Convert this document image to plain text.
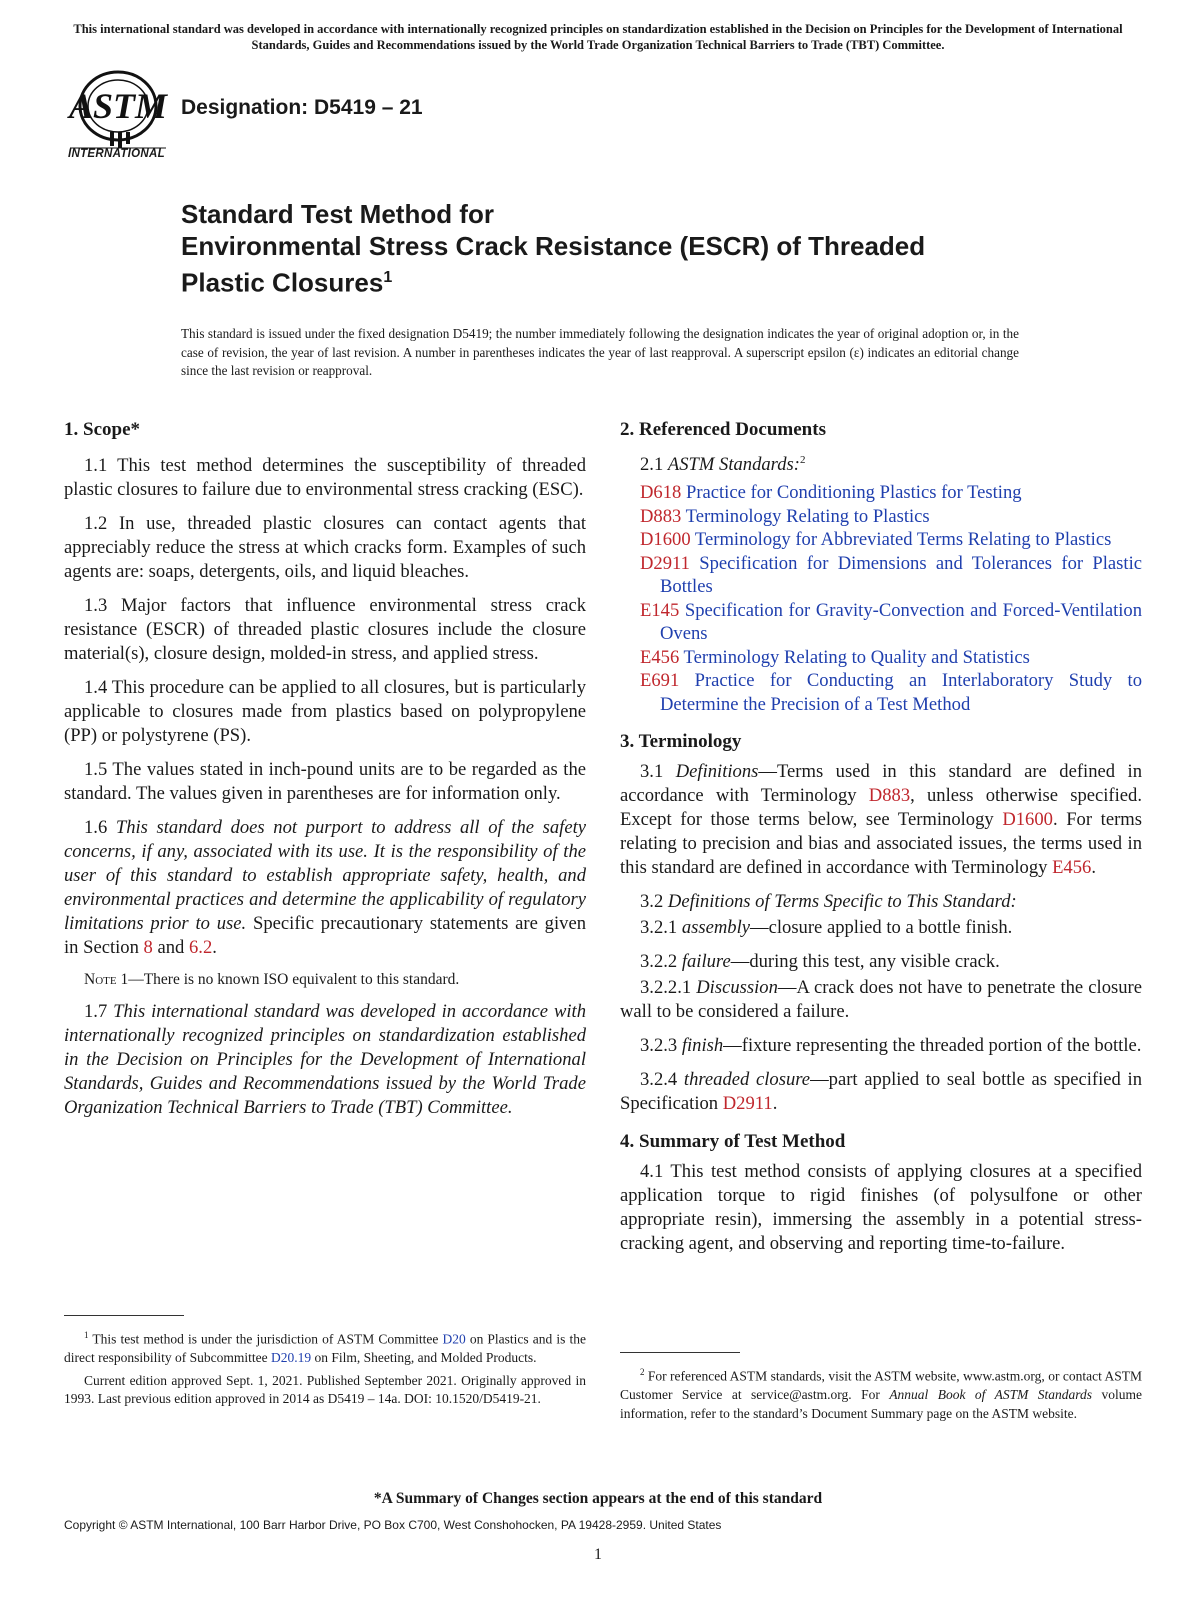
This international standard was developed in accordance with internationally recognized principles on standardization established in the Decision on Principles for the Development of International Standards, Guides and Recommendations issued by the World Trade Organization Technical Barriers to Trade (TBT) Committee.
ASTM
INTERNATIONAL
Designation: D5419 – 21
Standard Test Method for
Environmental Stress Crack Resistance (ESCR) of Threaded
Plastic Closures$^1$
This standard is issued under the fixed designation D5419; the number immediately following the designation indicates the year of original adoption or, in the case of revision, the year of last revision. A number in parentheses indicates the year of last reapproval. A superscript epsilon (ε) indicates an editorial change since the last revision or reapproval.
1. Scope*

1.1 This test method determines the susceptibility of threaded plastic closures to failure due to environmental stress cracking (ESC).

1.2 In use, threaded plastic closures can contact agents that appreciably reduce the stress at which cracks form. Examples of such agents are: soaps, detergents, oils, and liquid bleaches.

1.3 Major factors that influence environmental stress crack resistance (ESCR) of threaded plastic closures include the closure material(s), closure design, molded-in stress, and applied stress.

1.4 This procedure can be applied to all closures, but is particularly applicable to closures made from plastics based on polypropylene (PP) or polystyrene (PS).

1.5 The values stated in inch-pound units are to be regarded as the standard. The values given in parentheses are for information only.

1.6 This standard does not purport to address all of the safety concerns, if any, associated with its use. It is the responsibility of the user of this standard to establish appropriate safety, health, and environmental practices and determine the applicability of regulatory limitations prior to use. Specific precautionary statements are given in Section 8 and 6.2.

Note 1—There is no known ISO equivalent to this standard.

1.7 This international standard was developed in accordance with internationally recognized principles on standardization established in the Decision on Principles for the Development of International Standards, Guides and Recommendations issued by the World Trade Organization Technical Barriers to Trade (TBT) Committee.

2. Referenced Documents
2.1 ASTM Standards:$^2$
D618 Practice for Conditioning Plastics for Testing
D883 Terminology Relating to Plastics
D1600 Terminology for Abbreviated Terms Relating to Plastics
D2911 Specification for Dimensions and Tolerances for Plastic Bottles
E145 Specification for Gravity-Convection and Forced-Ventilation Ovens
E456 Terminology Relating to Quality and Statistics
E691 Practice for Conducting an Interlaboratory Study to Determine the Precision of a Test Method
3. Terminology

3.1 Definitions—Terms used in this standard are defined in accordance with Terminology D883, unless otherwise specified. Except for those terms below, see Terminology D1600. For terms relating to precision and bias and associated issues, the terms used in this standard are defined in accordance with Terminology E456.

3.2 Definitions of Terms Specific to This Standard:

3.2.1 assembly—closure applied to a bottle finish.

3.2.2 failure—during this test, any visible crack.

3.2.2.1 Discussion—A crack does not have to penetrate the closure wall to be considered a failure.

3.2.3 finish—fixture representing the threaded portion of the bottle.

3.2.4 threaded closure—part applied to seal bottle as specified in Specification D2911.

4. Summary of Test Method

4.1 This test method consists of applying closures at a specified application torque to rigid finishes (of polysulfone or other appropriate resin), immersing the assembly in a potential stress-cracking agent, and observing and reporting time-to-failure.

$^1$ This test method is under the jurisdiction of ASTM Committee D20 on Plastics and is the direct responsibility of Subcommittee D20.19 on Film, Sheeting, and Molded Products.

Current edition approved Sept. 1, 2021. Published September 2021. Originally approved in 1993. Last previous edition approved in 2014 as D5419 – 14a. DOI: 10.1520/D5419-21.

$^2$ For referenced ASTM standards, visit the ASTM website, www.astm.org, or contact ASTM Customer Service at service@astm.org. For Annual Book of ASTM Standards volume information, refer to the standard’s Document Summary page on the ASTM website.

*A Summary of Changes section appears at the end of this standard
Copyright © ASTM International, 100 Barr Harbor Drive, PO Box C700, West Conshohocken, PA 19428-2959. United States
1
